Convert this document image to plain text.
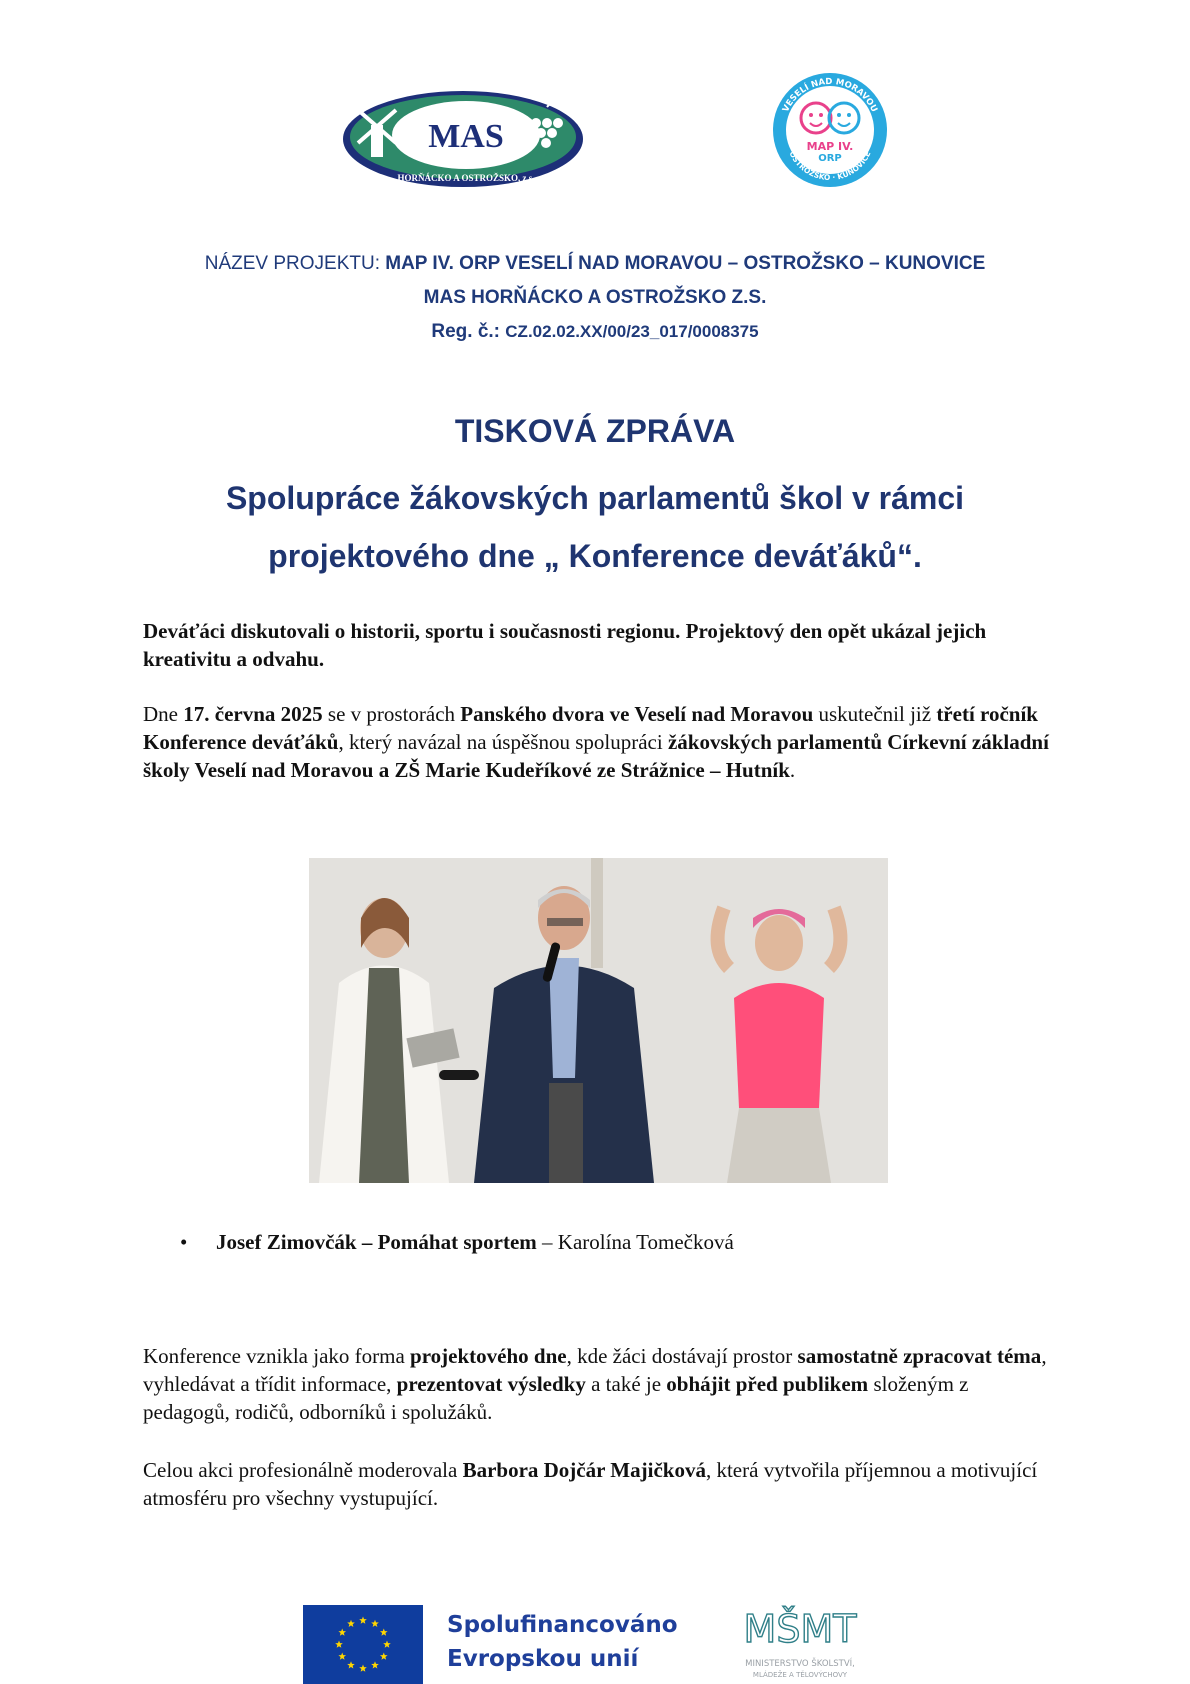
MAS
HORŇÁCKO A OSTROŽSKO, z.s.
VESELÍ NAD MORAVOU
OSTROŽSKO · KUNOVICE
MAP IV.
ORP
NÁZEV PROJEKTU: MAP IV. ORP VESELÍ NAD MORAVOU – OSTROŽSKO – KUNOVICE
MAS HORŇÁCKO A OSTROŽSKO Z.S.
Reg. č.: CZ.02.02.XX/00/23_017/0008375
TISKOVÁ ZPRÁVA
Spolupráce žákovských parlamentů škol v rámci
projektového dne „ Konference deváťáků“.
Deváťáci diskutovali o historii, sportu i současnosti regionu. Projektový den opět ukázal jejich kreativitu a odvahu.
Dne 17. června 2025 se v prostorách Panského dvora ve Veselí nad Moravou uskutečnil již třetí ročník Konference deváťáků, který navázal na úspěšnou spolupráci žákovských parlamentů Církevní základní školy Veselí nad Moravou a ZŠ Marie Kudeříkové ze Strážnice – Hutník.
• Josef Zimovčák – Pomáhat sportem – Karolína Tomečková
Konference vznikla jako forma projektového dne, kde žáci dostávají prostor samostatně zpracovat téma, vyhledávat a třídit informace, prezentovat výsledky a také je obhájit před publikem složeným z pedagogů, rodičů, odborníků i spolužáků.
Celou akci profesionálně moderovala Barbora Dojčár Majičková, která vytvořila příjemnou a motivující atmosféru pro všechny vystupující.
Spolufinancováno
Evropskou unií
MŠMT
MINISTERSTVO ŠKOLSTVÍ,
MLÁDEŽE A TĚLOVÝCHOVY
